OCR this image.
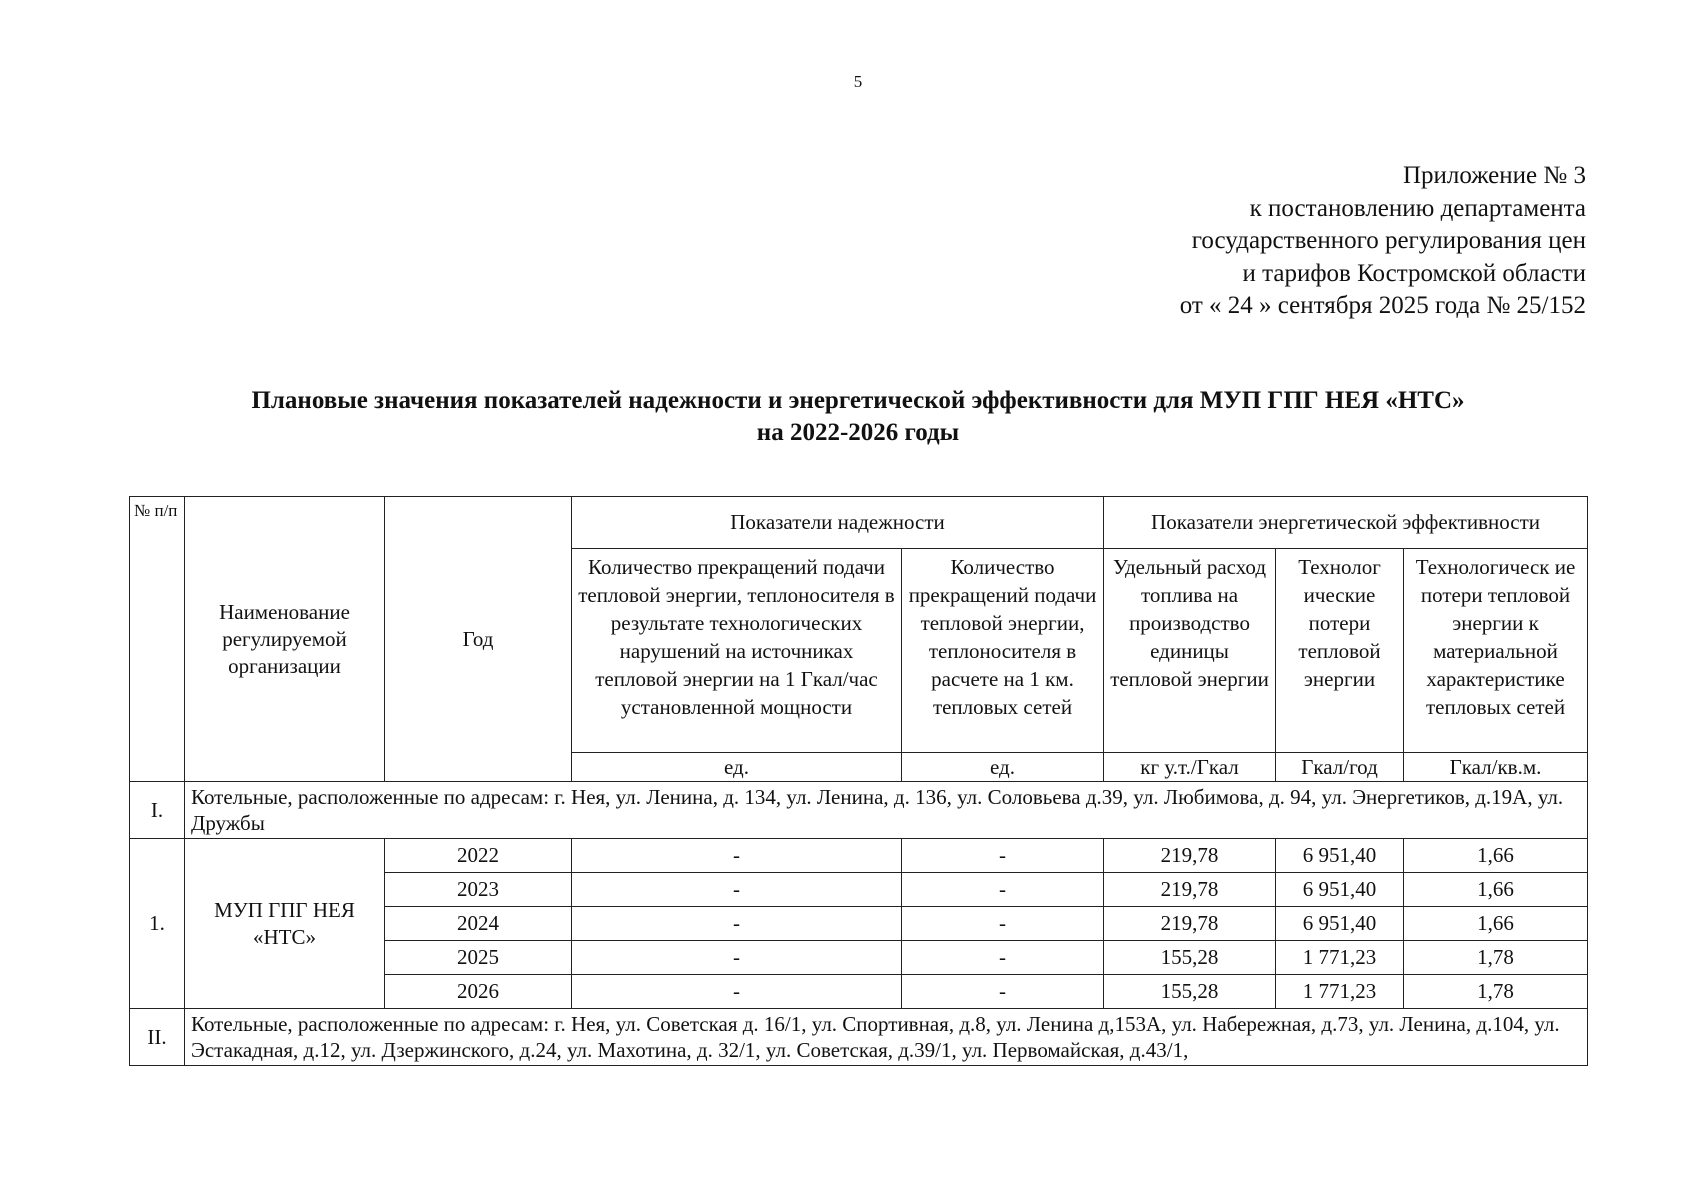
5
Приложение № 3
к постановлению департамента
государственного регулирования цен
и тарифов Костромской области
от « 24 » сентября 2025 года № 25/152
Плановые значения показателей надежности и энергетической эффективности для МУП ГПГ НЕЯ «НТС»
на 2022-2026 годы
№ п/п	Наименование регулируемой организации	Год	Показатели надежности		Показатели энергетической эффективности		
			Количество прекращений подачи тепловой энергии, теплоносителя в результате технологических нарушений на источниках тепловой энергии на 1 Гкал/час установленной мощности	Количество прекращений подачи тепловой энергии, теплоносителя в расчете на 1 км. тепловых сетей	Удельный расход топлива на производство единицы тепловой энергии	Технолог ические потери тепловой энергии	Технологическ ие потери тепловой энергии к материальной характеристике тепловых сетей
			ед.	ед.	кг у.т./Гкал	Гкал/год	Гкал/кв.м.
I.	Котельные, расположенные по адресам: г. Нея, ул. Ленина, д. 134, ул. Ленина, д. 136, ул. Соловьева д.39, ул. Любимова, д. 94, ул. Энергетиков, д.19А, ул. Дружбы						
1.	МУП ГПГ НЕЯ «НТС»	2022	-	-	219,78	6 951,40	1,66
		2023	-	-	219,78	6 951,40	1,66
		2024	-	-	219,78	6 951,40	1,66
		2025	-	-	155,28	1 771,23	1,78
		2026	-	-	155,28	1 771,23	1,78
II.	Котельные, расположенные по адресам: г. Нея, ул. Советская д. 16/1, ул. Спортивная, д.8, ул. Ленина д,153А, ул. Набережная, д.73, ул. Ленина, д.104, ул. Эстакадная, д.12, ул. Дзержинского, д.24, ул. Махотина, д. 32/1, ул. Советская, д.39/1, ул. Первомайская, д.43/1,						
